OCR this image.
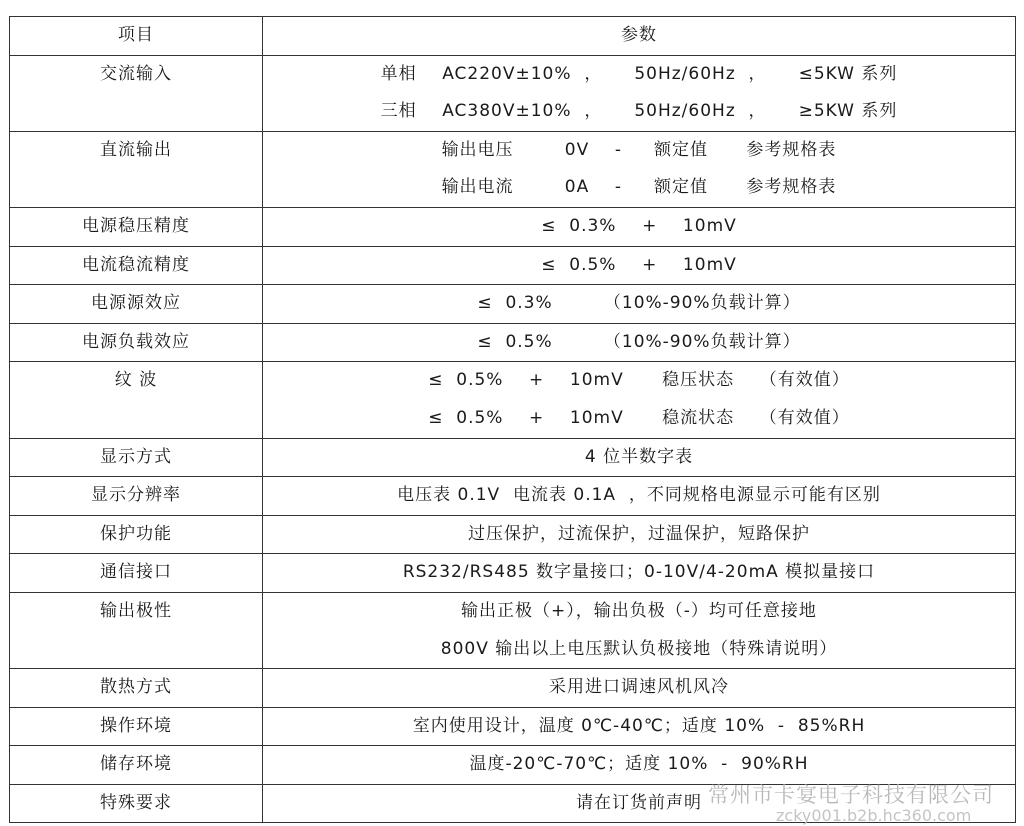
项目	参数

交流输入	单相    AC220V±10%  ，     50Hz/60Hz  ，     ≤5KW 系列
三相    AC380V±10%  ，     50Hz/60Hz  ，     ≥5KW 系列

直流输出	输出电压        0V    -     额定值      参考规格表
输出电流        0A    -     额定值      参考规格表

电源稳压精度	≤  0.3%    +    10mV

电流稳流精度	≤  0.5%    +    10mV

电源源效应	≤  0.3%        （10%-90%负载计算）

电源负载效应	≤  0.5%        （10%-90%负载计算）

纹 波	≤  0.5%    +    10mV      稳压状态    （有效值）
≤  0.5%    +    10mV      稳流状态    （有效值）

显示方式	4 位半数字表

显示分辨率	电压表 0.1V  电流表 0.1A  ，不同规格电源显示可能有区别

保护功能	过压保护，过流保护，过温保护，短路保护

通信接口	RS232/RS485 数字量接口；0-10V/4-20mA 模拟量接口

输出极性	输出正极（+），输出负极（-）均可任意接地
800V 输出以上电压默认负极接地（特殊请说明）

散热方式	采用进口调速风机风冷

操作环境	室内使用设计，温度 0℃-40℃；适度 10%  -  85%RH

储存环境	温度-20℃-70℃；适度 10%  -  90%RH

特殊要求	请在订货前声明 常州市卡宴电子科技有限公司
zcky001.b2b.hc360.com
